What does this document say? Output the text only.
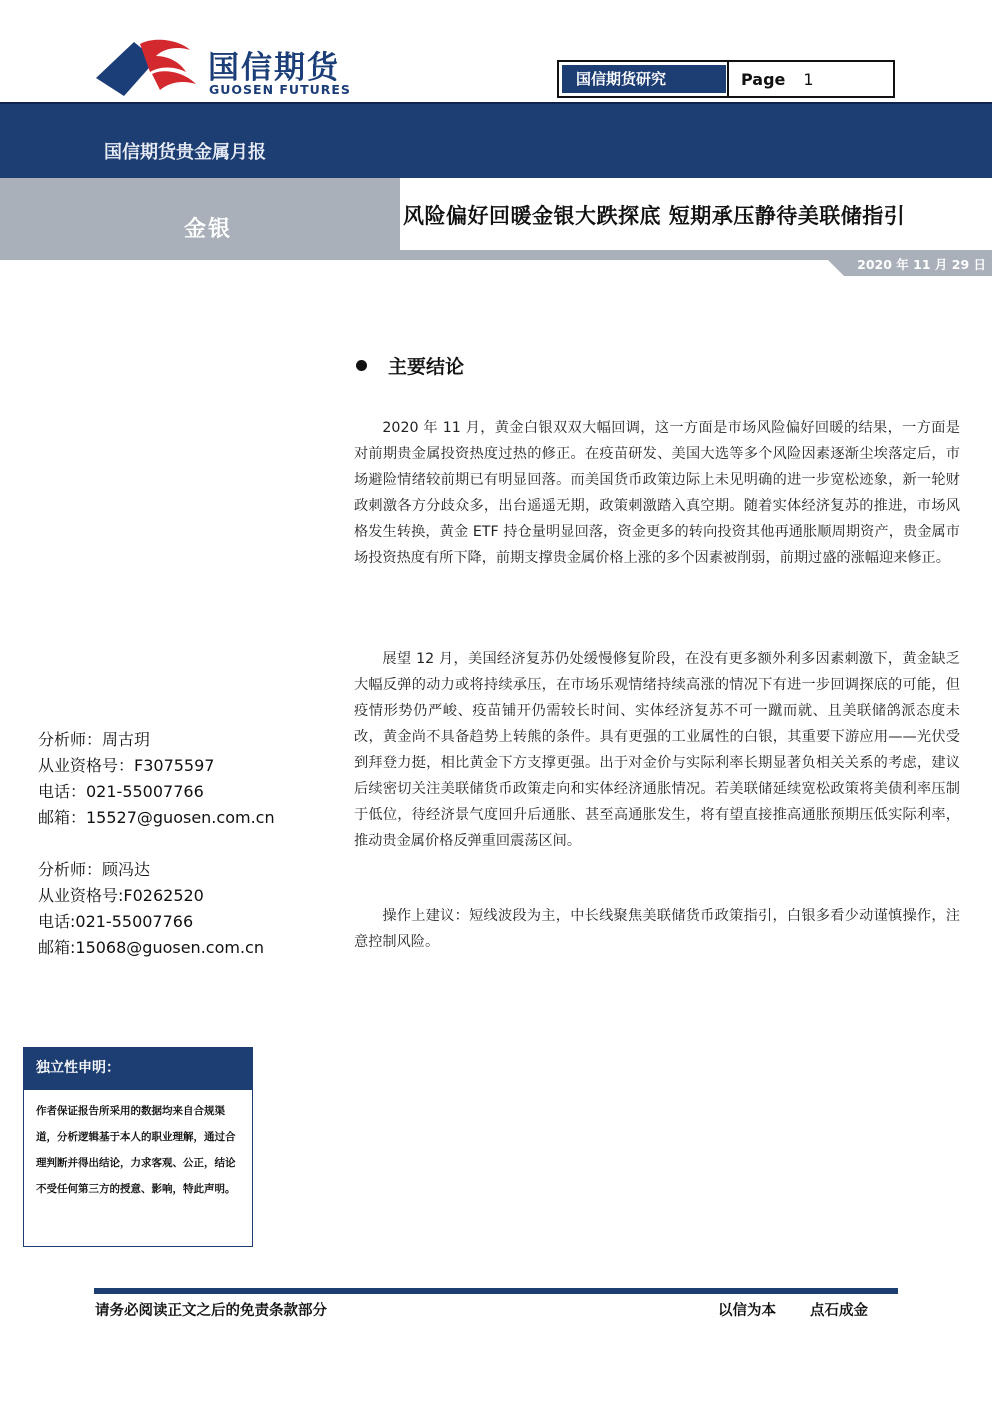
国信期货
GUOSEN FUTURES
国信期货研究	Page 1
国信期货贵金属月报
金银
风险偏好回暖金银大跌探底 短期承压静待美联储指引
2020 年 11 月 29 日
主要结论

2020 年 11 月，黄金白银双双大幅回调，这一方面是市场风险偏好回暖的结果，一方面是对前期贵金属投资热度过热的修正。在疫苗研发、美国大选等多个风险因素逐渐尘埃落定后，市场避险情绪较前期已有明显回落。而美国货币政策边际上未见明确的进一步宽松迹象，新一轮财政刺激各方分歧众多，出台遥遥无期，政策刺激踏入真空期。随着实体经济复苏的推进，市场风格发生转换，黄金 ETF 持仓量明显回落，资金更多的转向投资其他再通胀顺周期资产，贵金属市场投资热度有所下降，前期支撑贵金属价格上涨的多个因素被削弱，前期过盛的涨幅迎来修正。

展望 12 月，美国经济复苏仍处缓慢修复阶段，在没有更多额外利多因素刺激下，黄金缺乏大幅反弹的动力或将持续承压，在市场乐观情绪持续高涨的情况下有进一步回调探底的可能，但疫情形势仍严峻、疫苗铺开仍需较长时间、实体经济复苏不可一蹴而就、且美联储鸽派态度未改，黄金尚不具备趋势上转熊的条件。具有更强的工业属性的白银，其重要下游应用——光伏受到拜登力挺，相比黄金下方支撑更强。出于对金价与实际利率长期显著负相关关系的考虑，建议后续密切关注美联储货币政策走向和实体经济通胀情况。若美联储延续宽松政策将美债利率压制于低位，待经济景气度回升后通胀、甚至高通胀发生，将有望直接推高通胀预期压低实际利率，推动贵金属价格反弹重回震荡区间。

操作上建议：短线波段为主，中长线聚焦美联储货币政策指引，白银多看少动谨慎操作，注意控制风险。

分析师：周古玥
从业资格号：F3075597
电话：021-55007766
邮箱：15527@guosen.com.cn
分析师：顾冯达
从业资格号:F0262520
电话:021-55007766
邮箱:15068@guosen.com.cn
独立性申明：
作者保证报告所采用的数据均来自合规渠道，分析逻辑基于本人的职业理解，通过合理判断并得出结论，力求客观、公正，结论不受任何第三方的授意、影响，特此声明。
请务必阅读正文之后的免责条款部分	以信为本 点石成金
